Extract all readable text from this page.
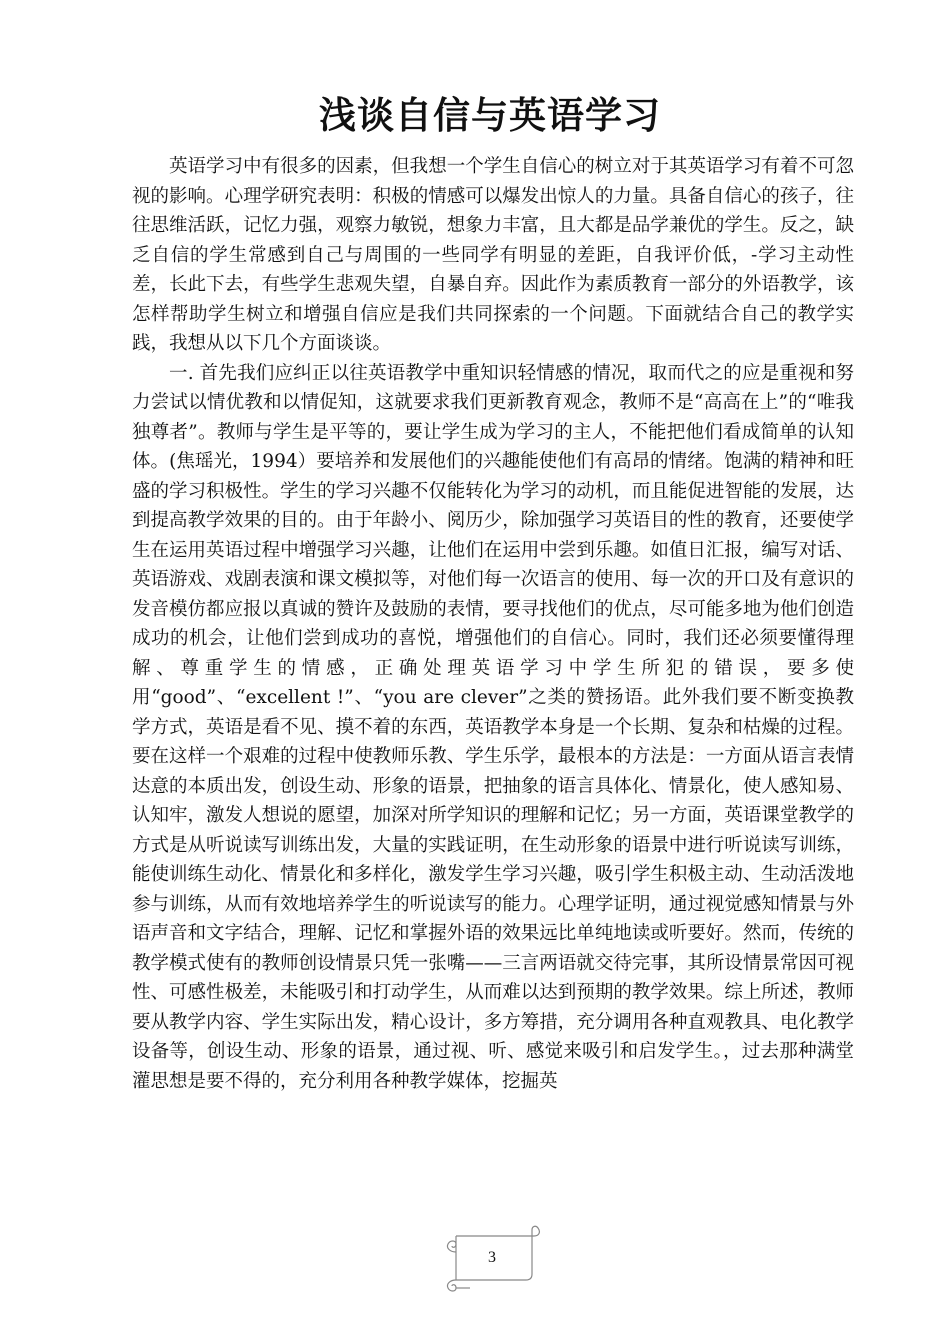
浅谈自信与英语学习

英语学习中有很多的因素，但我想一个学生自信心的树立对于其英语学习有着不可忽视的影响。心理学研究表明：积极的情感可以爆发出惊人的力量。具备自信心的孩子，往往思维活跃，记忆力强，观察力敏锐，想象力丰富，且大都是品学兼优的学生。反之，缺乏自信的学生常感到自己与周围的一些同学有明显的差距，自我评价低，-学习主动性差，长此下去，有些学生悲观失望，自暴自弃。因此作为素质教育一部分的外语教学，该怎样帮助学生树立和增强自信应是我们共同探索的一个问题。下面就结合自己的教学实践，我想从以下几个方面谈谈。

一. 首先我们应纠正以往英语教学中重知识轻情感的情况，取而代之的应是重视和努力尝试以情优教和以情促知，这就要求我们更新教育观念，教师不是“高高在上”的“唯我独尊者”。教师与学生是平等的，要让学生成为学习的主人，不能把他们看成简单的认知体。(焦瑶光，1994）要培养和发展他们的兴趣能使他们有高昂的情绪。饱满的精神和旺盛的学习积极性。学生的学习兴趣不仅能转化为学习的动机，而且能促进智能的发展，达到提高教学效果的目的。由于年龄小、阅历少，除加强学习英语目的性的教育，还要使学生在运用英语过程中增强学习兴趣，让他们在运用中尝到乐趣。如值日汇报，编写对话、英语游戏、戏剧表演和课文模拟等，对他们每一次语言的使用、每一次的开口及有意识的发音模仿都应报以真诚的赞许及鼓励的表情，要寻找他们的优点，尽可能多地为他们创造成功的机会，让他们尝到成功的喜悦，增强他们的自信心。同时，我们还必须要懂得理解、尊重学生的情感，正确处理英语学习中学生所犯的错误，要多使用“good”、“excellent !”、“you are clever”之类的赞扬语。此外我们要不断变换教学方式，英语是看不见、摸不着的东西，英语教学本身是一个长期、复杂和枯燥的过程。要在这样一个艰难的过程中使教师乐教、学生乐学，最根本的方法是：一方面从语言表情达意的本质出发，创设生动、形象的语景，把抽象的语言具体化、情景化，使人感知易、认知牢，激发人想说的愿望，加深对所学知识的理解和记忆；另一方面，英语课堂教学的方式是从听说读写训练出发，大量的实践证明，在生动形象的语景中进行听说读写训练，能使训练生动化、情景化和多样化，激发学生学习兴趣，吸引学生积极主动、生动活泼地参与训练，从而有效地培养学生的听说读写的能力。心理学证明，通过视觉感知情景与外语声音和文字结合，理解、记忆和掌握外语的效果远比单纯地读或听要好。然而，传统的教学模式使有的教师创设情景只凭一张嘴——三言两语就交待完事，其所设情景常因可视性、可感性极差，未能吸引和打动学生，从而难以达到预期的教学效果。综上所述，教师要从教学内容、学生实际出发，精心设计，多方筹措，充分调用各种直观教具、电化教学设备等，创设生动、形象的语景，通过视、听、感觉来吸引和启发学生。，过去那种满堂灌思想是要不得的，充分利用各种教学媒体，挖掘英

3
